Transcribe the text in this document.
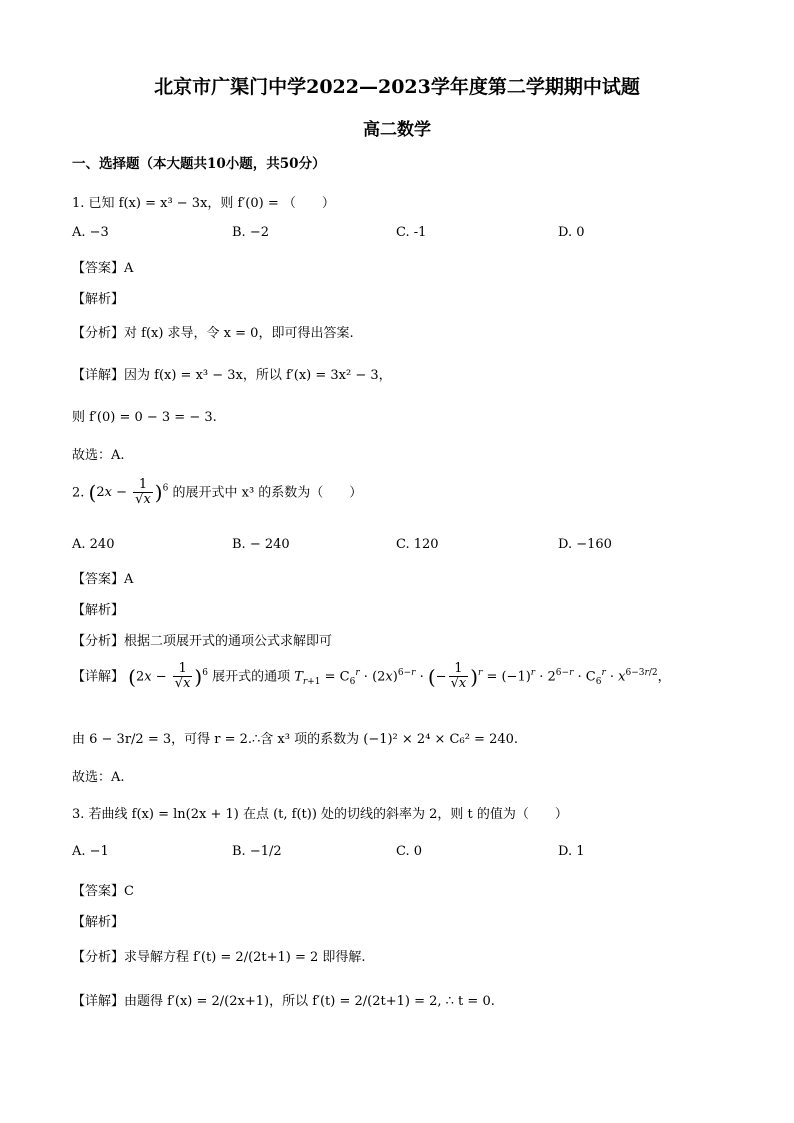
北京市广渠门中学2022—2023学年度第二学期期中试题
高二数学
一、选择题（本大题共10小题，共50分）
1. 已知 f(x) = x³ − 3x，则 f′(0) = （　　）
A. −3	B. −2	C. -1	D. 0
【答案】A
【解析】
【分析】对 f(x) 求导，令 x = 0，即可得出答案.
【详解】因为 f(x) = x³ − 3x，所以 f′(x) = 3x² − 3，
则 f′(0) = 0 − 3 = − 3.
故选：A.
2. $(2x - \frac{1}{√x} )^6$ 的展开式中 x³ 的系数为（　　）
A. 240	B. − 240	C. 120	D. −160
【答案】A
【解析】
【分析】根据二项展开式的通项公式求解即可
【详解】 $(2x - \frac{1}{√x} )^6$ 展开式的通项 $T_{r+1} = C_6^r \cdot (2x)^{6-r}$ · (− $\frac{1}{√x} )^r = (-1)^r \cdot 2^{6-r} \cdot C_6^r \cdot x^{6-3r/2}$，
由 6 − 3r/2 = 3，可得 r = 2.∴含 x³ 项的系数为 (−1)² × 2⁴ × C₆² = 240.
故选：A.
3. 若曲线 f(x) = ln(2x + 1) 在点 (t, f(t)) 处的切线的斜率为 2，则 t 的值为（　　）
A. −1	B. −1/2	C. 0	D. 1
【答案】C
【解析】
【分析】求导解方程 f′(t) = 2/(2t+1) = 2 即得解.
【详解】由题得 f′(x) = 2/(2x+1)，所以 f′(t) = 2/(2t+1) = 2, ∴ t = 0.
